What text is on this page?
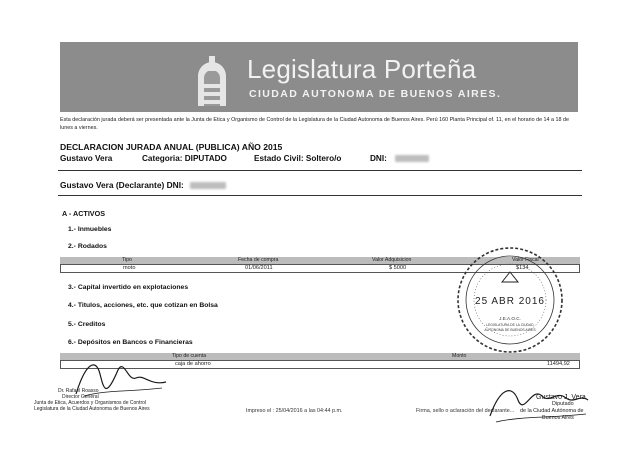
Legislatura Porteña
CIUDAD AUTONOMA DE BUENOS AIRES.
Esta declaración jurada deberá ser presentada ante la Junta de Etica y Organismo de Control de la Legislatura de la Ciudad Autonoma de Buenos Aires. Perú 160 Planta Principal of. 11, en el horario de 14 a 18 de lunes a viernes.
DECLARACION JURADA ANUAL (PUBLICA) AÑO 2015
Gustavo Vera	Categoria: DIPUTADO	Estado Civil: Soltero/o	DNI:
Gustavo Vera (Declarante) DNI:
A - ACTIVOS
1.- Inmuebles
2.- Rodados
Tipo	Fecha de compra	Valor Adquisicion	Valor Fiscal
moto	01/06/2011	$ 5000	$134
3.- Capital invertido en explotaciones
4.- Titulos, acciones, etc. que cotizan en Bolsa
5.- Creditos
6.- Depósitos en Bancos o Financieras
Tipo de cuenta	Monto
caja de ahorro	11494,92
25 ABR 2016
J.E.A.O.C.
LEGISLATURA DE LA CIUDAD
AUTONOMA DE BUENOS AIRES
Dr. Rafael Roasso
Director General
Junta de Etica, Acuerdos y Organismos de Control
Legislatura de la Ciudad Autonoma de Buenos Aires	Impreso el : 25/04/2016 a las 04:44 p.m.	Firma, sello o aclaración del declarante...
Gustavo J. Vera
Diputado
de la Ciudad Autónoma de
Buenos Aires
